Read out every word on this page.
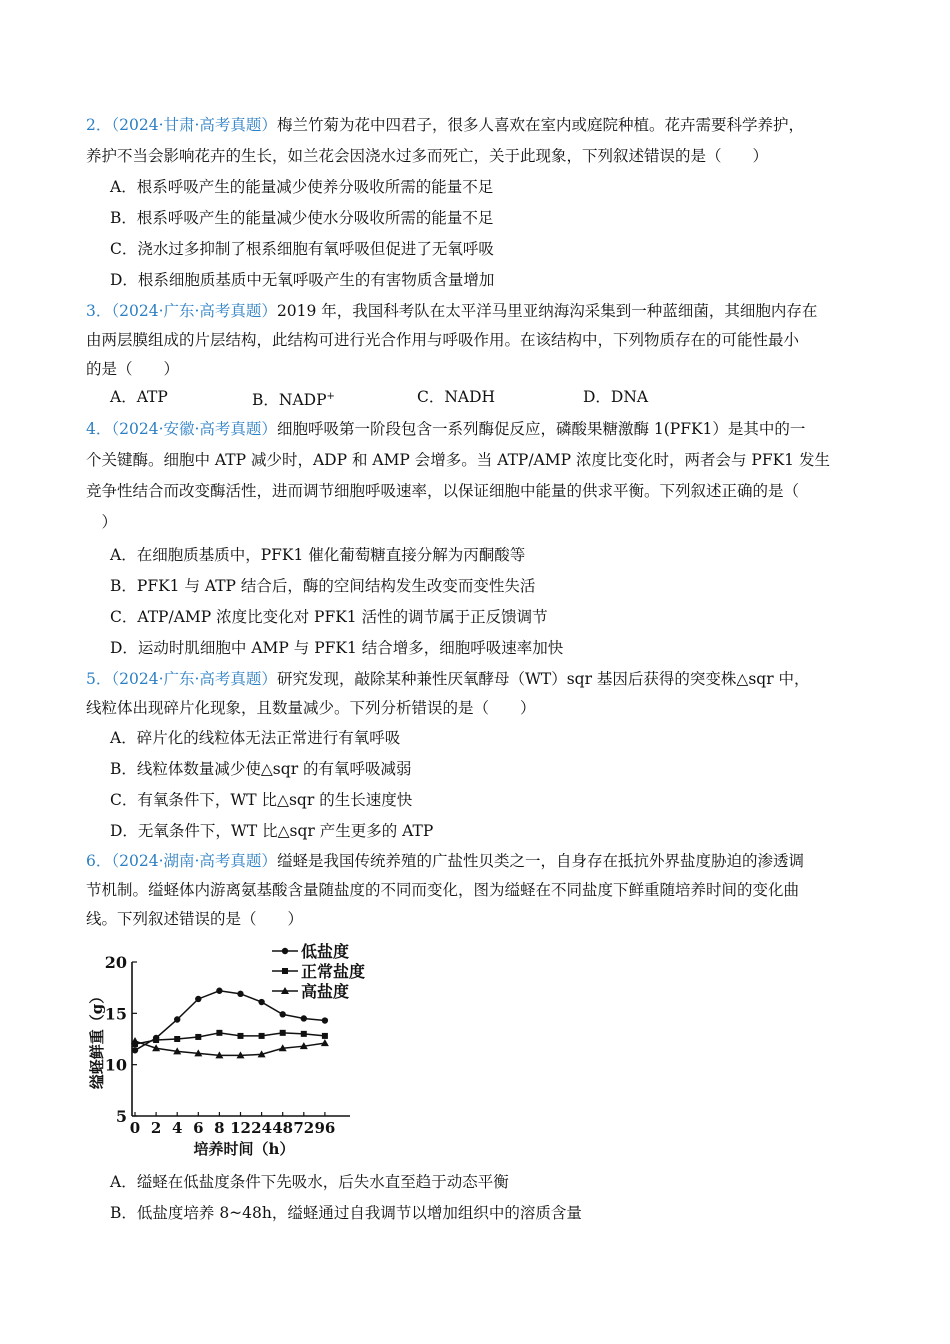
2．（2024·甘肃·高考真题）梅兰竹菊为花中四君子，很多人喜欢在室内或庭院种植。花卉需要科学养护，
养护不当会影响花卉的生长，如兰花会因浇水过多而死亡，关于此现象，下列叙述错误的是（　　）
A．根系呼吸产生的能量减少使养分吸收所需的能量不足
B．根系呼吸产生的能量减少使水分吸收所需的能量不足
C．浇水过多抑制了根系细胞有氧呼吸但促进了无氧呼吸
D．根系细胞质基质中无氧呼吸产生的有害物质含量增加
3．（2024·广东·高考真题）2019 年，我国科考队在太平洋马里亚纳海沟采集到一种蓝细菌，其细胞内存在
由两层膜组成的片层结构，此结构可进行光合作用与呼吸作用。在该结构中，下列物质存在的可能性最小
的是（　　）
A．ATP	B．NADP+	C．NADH	D．DNA
4．（2024·安徽·高考真题）细胞呼吸第一阶段包含一系列酶促反应，磷酸果糖激酶 1(PFK1）是其中的一
个关键酶。细胞中 ATP 减少时，ADP 和 AMP 会增多。当 ATP/AMP 浓度比变化时，两者会与 PFK1 发生
竞争性结合而改变酶活性，进而调节细胞呼吸速率，以保证细胞中能量的供求平衡。下列叙述正确的是（
　）
A．在细胞质基质中，PFK1 催化葡萄糖直接分解为丙酮酸等
B．PFK1 与 ATP 结合后，酶的空间结构发生改变而变性失活
C．ATP/AMP 浓度比变化对 PFK1 活性的调节属于正反馈调节
D．运动时肌细胞中 AMP 与 PFK1 结合增多，细胞呼吸速率加快
5．（2024·广东·高考真题）研究发现，敲除某种兼性厌氧酵母（WT）sqr 基因后获得的突变株△sqr 中，
线粒体出现碎片化现象，且数量减少。下列分析错误的是（　　）
A．碎片化的线粒体无法正常进行有氧呼吸
B．线粒体数量减少使△sqr 的有氧呼吸减弱
C．有氧条件下，WT 比△sqr 的生长速度快
D．无氧条件下，WT 比△sqr 产生更多的 ATP
6．（2024·湖南·高考真题）缢蛏是我国传统养殖的广盐性贝类之一，自身存在抵抗外界盐度胁迫的渗透调
节机制。缢蛏体内游离氨基酸含量随盐度的不同而变化，图为缢蛏在不同盐度下鲜重随培养时间的变化曲
线。下列叙述错误的是（　　）
20
15
10
5
0 2 4 6 8 12 24 48 72 96
培养时间（h）
缢蛏鲜重（g）
低盐度
正常盐度
高盐度
A．缢蛏在低盐度条件下先吸水，后失水直至趋于动态平衡
B．低盐度培养 8~48h，缢蛏通过自我调节以增加组织中的溶质含量
